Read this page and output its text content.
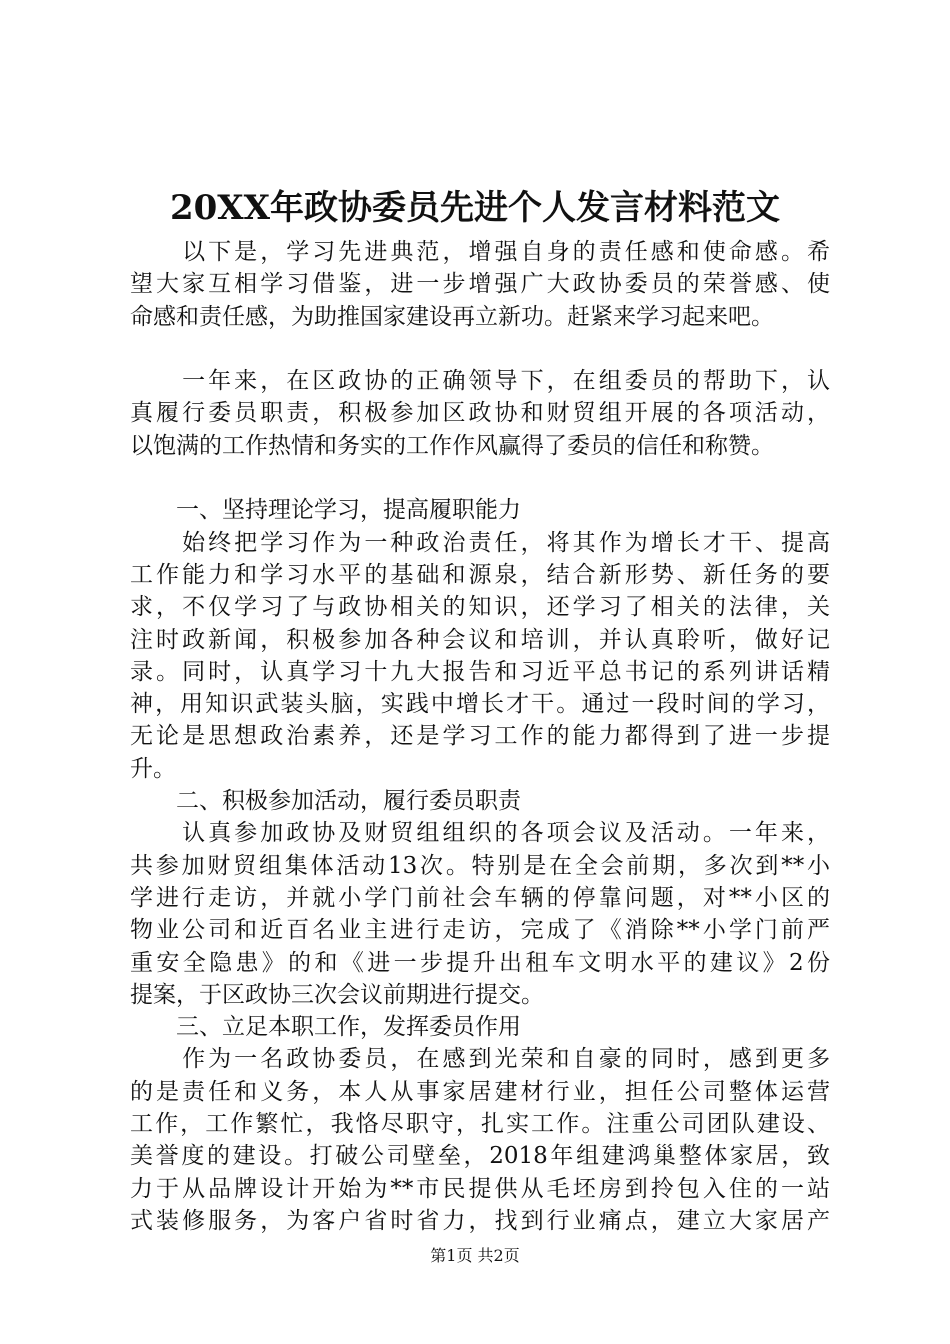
20XX年政协委员先进个人发言材料范文
　　以下是，学习先进典范，增强自身的责任感和使命感。希
望大家互相学习借鉴，进一步增强广大政协委员的荣誉感、使
命感和责任感，为助推国家建设再立新功。赶紧来学习起来吧。
　　一年来，在区政协的正确领导下，在组委员的帮助下，认
真履行委员职责，积极参加区政协和财贸组开展的各项活动，
以饱满的工作热情和务实的工作作风赢得了委员的信任和称赞。
　　一、坚持理论学习，提高履职能力
　　始终把学习作为一种政治责任，将其作为增长才干、提高
工作能力和学习水平的基础和源泉，结合新形势、新任务的要
求，不仅学习了与政协相关的知识，还学习了相关的法律，关
注时政新闻，积极参加各种会议和培训，并认真聆听，做好记
录。同时，认真学习十九大报告和习近平总书记的系列讲话精
神，用知识武装头脑，实践中增长才干。通过一段时间的学习，
无论是思想政治素养，还是学习工作的能力都得到了进一步提
升。
　　二、积极参加活动，履行委员职责
　　认真参加政协及财贸组组织的各项会议及活动。一年来，
共参加财贸组集体活动13次。特别是在全会前期，多次到**小
学进行走访，并就小学门前社会车辆的停靠问题，对**小区的
物业公司和近百名业主进行走访，完成了《消除**小学门前严
重安全隐患》的和《进一步提升出租车文明水平的建议》2份
提案，于区政协三次会议前期进行提交。
　　三、立足本职工作，发挥委员作用
　　作为一名政协委员，在感到光荣和自豪的同时，感到更多
的是责任和义务，本人从事家居建材行业，担任公司整体运营
工作，工作繁忙，我恪尽职守，扎实工作。注重公司团队建设、
美誉度的建设。打破公司壁垒，2018年组建鸿巢整体家居，致
力于从品牌设计开始为**市民提供从毛坯房到拎包入住的一站
式装修服务，为客户省时省力，找到行业痛点，建立大家居产
第1页 共2页
